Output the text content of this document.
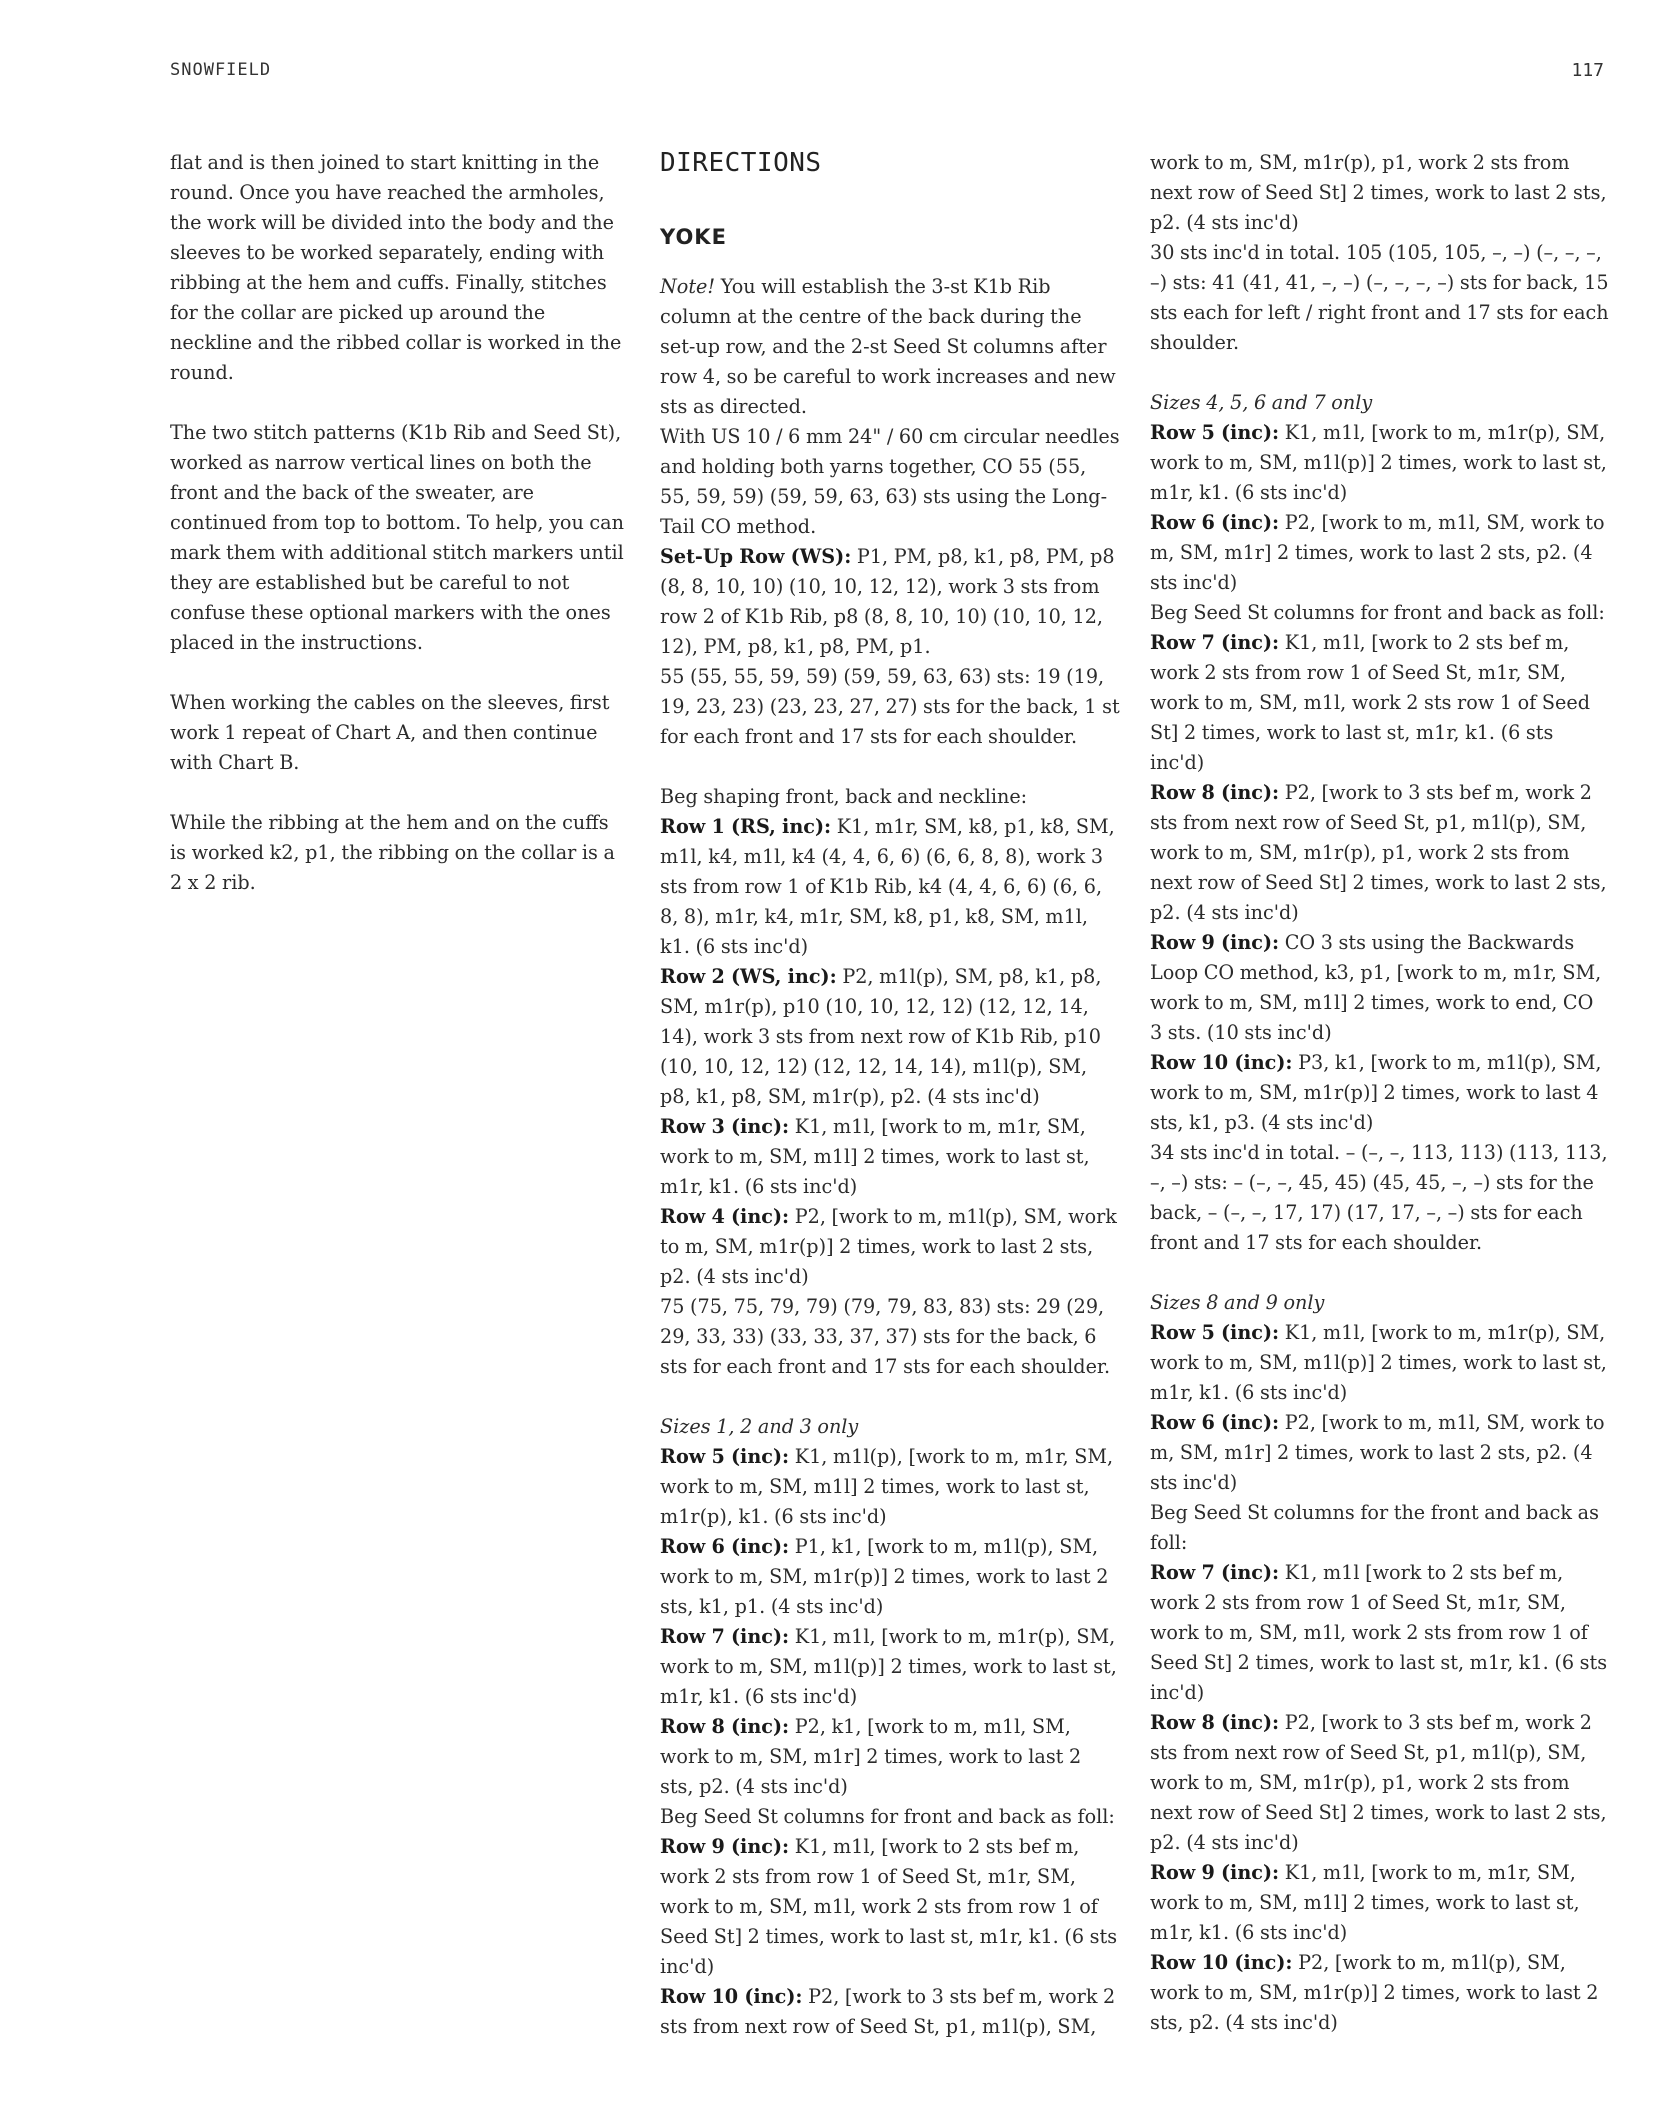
SNOWFIELD	117

flat and is then joined to start knitting in the round. Once you have reached the armholes, the work will be divided into the body and the sleeves to be worked separately, ending with ribbing at the hem and cuffs. Finally, stitches for the collar are picked up around the neckline and the ribbed collar is worked in the round.

The two stitch patterns (K1b Rib and Seed St), worked as narrow vertical lines on both the front and the back of the sweater, are continued from top to bottom. To help, you can mark them with additional stitch markers until they are established but be careful to not confuse these optional markers with the ones placed in the instructions.

When working the cables on the sleeves, first work 1 repeat of Chart A, and then continue with Chart B.

While the ribbing at the hem and on the cuffs is worked k2, p1, the ribbing on the collar is a 2 x 2 rib.

DIRECTIONS
YOKE

Note! You will establish the 3-st K1b Rib column at the centre of the back during the set-up row, and the 2-st Seed St columns after row 4, so be careful to work increases and new sts as directed.

With US 10 / 6 mm 24" / 60 cm circular needles and holding both yarns together, CO 55 (55, 55, 59, 59) (59, 59, 63, 63) sts using the Long-Tail CO method.

Set-Up Row (WS): P1, PM, p8, k1, p8, PM, p8 (8, 8, 10, 10) (10, 10, 12, 12), work 3 sts from row 2 of K1b Rib, p8 (8, 8, 10, 10) (10, 10, 12, 12), PM, p8, k1, p8, PM, p1.

55 (55, 55, 59, 59) (59, 59, 63, 63) sts: 19 (19, 19, 23, 23) (23, 23, 27, 27) sts for the back, 1 st for each front and 17 sts for each shoulder.

Beg shaping front, back and neckline:

Row 1 (RS, inc): K1, m1r, SM, k8, p1, k8, SM, m1l, k4, m1l, k4 (4, 4, 6, 6) (6, 6, 8, 8), work 3 sts from row 1 of K1b Rib, k4 (4, 4, 6, 6) (6, 6, 8, 8), m1r, k4, m1r, SM, k8, p1, k8, SM, m1l, k1. (6 sts inc'd)

Row 2 (WS, inc): P2, m1l(p), SM, p8, k1, p8, SM, m1r(p), p10 (10, 10, 12, 12) (12, 12, 14, 14), work 3 sts from next row of K1b Rib, p10 (10, 10, 12, 12) (12, 12, 14, 14), m1l(p), SM, p8, k1, p8, SM, m1r(p), p2. (4 sts inc'd)

Row 3 (inc): K1, m1l, [work to m, m1r, SM, work to m, SM, m1l] 2 times, work to last st, m1r, k1. (6 sts inc'd)

Row 4 (inc): P2, [work to m, m1l(p), SM, work to m, SM, m1r(p)] 2 times, work to last 2 sts, p2. (4 sts inc'd)

75 (75, 75, 79, 79) (79, 79, 83, 83) sts: 29 (29, 29, 33, 33) (33, 33, 37, 37) sts for the back, 6 sts for each front and 17 sts for each shoulder.

Sizes 1, 2 and 3 only

Row 5 (inc): K1, m1l(p), [work to m, m1r, SM, work to m, SM, m1l] 2 times, work to last st, m1r(p), k1. (6 sts inc'd)

Row 6 (inc): P1, k1, [work to m, m1l(p), SM, work to m, SM, m1r(p)] 2 times, work to last 2 sts, k1, p1. (4 sts inc'd)

Row 7 (inc): K1, m1l, [work to m, m1r(p), SM, work to m, SM, m1l(p)] 2 times, work to last st, m1r, k1. (6 sts inc'd)

Row 8 (inc): P2, k1, [work to m, m1l, SM, work to m, SM, m1r] 2 times, work to last 2 sts, p2. (4 sts inc'd)

Beg Seed St columns for front and back as foll:

Row 9 (inc): K1, m1l, [work to 2 sts bef m, work 2 sts from row 1 of Seed St, m1r, SM, work to m, SM, m1l, work 2 sts from row 1 of Seed St] 2 times, work to last st, m1r, k1. (6 sts inc'd)

Row 10 (inc): P2, [work to 3 sts bef m, work 2 sts from next row of Seed St, p1, m1l(p), SM,

work to m, SM, m1r(p), p1, work 2 sts from next row of Seed St] 2 times, work to last 2 sts, p2. (4 sts inc'd)

30 sts inc'd in total. 105 (105, 105, –, –) (–, –, –, –) sts: 41 (41, 41, –, –) (–, –, –, –) sts for back, 15 sts each for left / right front and 17 sts for each shoulder.

Sizes 4, 5, 6 and 7 only

Row 5 (inc): K1, m1l, [work to m, m1r(p), SM, work to m, SM, m1l(p)] 2 times, work to last st, m1r, k1. (6 sts inc'd)

Row 6 (inc): P2, [work to m, m1l, SM, work to m, SM, m1r] 2 times, work to last 2 sts, p2. (4 sts inc'd)

Beg Seed St columns for front and back as foll:

Row 7 (inc): K1, m1l, [work to 2 sts bef m, work 2 sts from row 1 of Seed St, m1r, SM, work to m, SM, m1l, work 2 sts row 1 of Seed St] 2 times, work to last st, m1r, k1. (6 sts inc'd)

Row 8 (inc): P2, [work to 3 sts bef m, work 2 sts from next row of Seed St, p1, m1l(p), SM, work to m, SM, m1r(p), p1, work 2 sts from next row of Seed St] 2 times, work to last 2 sts, p2. (4 sts inc'd)

Row 9 (inc): CO 3 sts using the Backwards Loop CO method, k3, p1, [work to m, m1r, SM, work to m, SM, m1l] 2 times, work to end, CO 3 sts. (10 sts inc'd)

Row 10 (inc): P3, k1, [work to m, m1l(p), SM, work to m, SM, m1r(p)] 2 times, work to last 4 sts, k1, p3. (4 sts inc'd)

34 sts inc'd in total. – (–, –, 113, 113) (113, 113, –, –) sts: – (–, –, 45, 45) (45, 45, –, –) sts for the back, – (–, –, 17, 17) (17, 17, –, –) sts for each front and 17 sts for each shoulder.

Sizes 8 and 9 only

Row 5 (inc): K1, m1l, [work to m, m1r(p), SM, work to m, SM, m1l(p)] 2 times, work to last st, m1r, k1. (6 sts inc'd)

Row 6 (inc): P2, [work to m, m1l, SM, work to m, SM, m1r] 2 times, work to last 2 sts, p2. (4 sts inc'd)

Beg Seed St columns for the front and back as foll:

Row 7 (inc): K1, m1l [work to 2 sts bef m, work 2 sts from row 1 of Seed St, m1r, SM, work to m, SM, m1l, work 2 sts from row 1 of Seed St] 2 times, work to last st, m1r, k1. (6 sts inc'd)

Row 8 (inc): P2, [work to 3 sts bef m, work 2 sts from next row of Seed St, p1, m1l(p), SM, work to m, SM, m1r(p), p1, work 2 sts from next row of Seed St] 2 times, work to last 2 sts, p2. (4 sts inc'd)

Row 9 (inc): K1, m1l, [work to m, m1r, SM, work to m, SM, m1l] 2 times, work to last st, m1r, k1. (6 sts inc'd)

Row 10 (inc): P2, [work to m, m1l(p), SM, work to m, SM, m1r(p)] 2 times, work to last 2 sts, p2. (4 sts inc'd)
